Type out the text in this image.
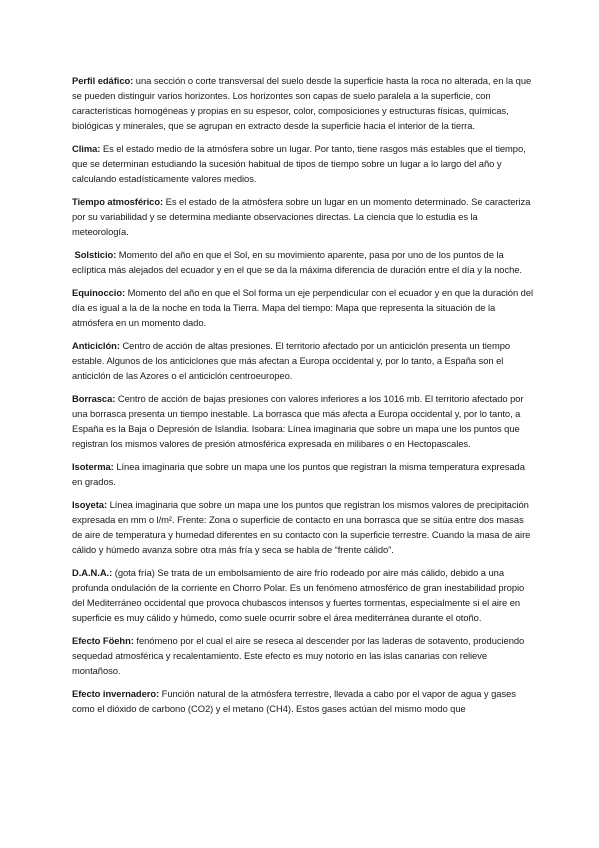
Perfil edáfico: una sección o corte transversal del suelo desde la superficie hasta la roca no alterada, en la que se pueden distinguir varios horizontes. Los horizontes son capas de suelo paralela a la superficie, con características homogéneas y propias en su espesor, color, composiciones y estructuras físicas, químicas, biológicas y minerales, que se agrupan en extracto desde la superficie hacia el interior de la tierra.

Clima: Es el estado medio de la atmósfera sobre un lugar. Por tanto, tiene rasgos más estables que el tiempo, que se determinan estudiando la sucesión habitual de tipos de tiempo sobre un lugar a lo largo del año y calculando estadísticamente valores medios.

Tiempo atmosférico: Es el estado de la atmósfera sobre un lugar en un momento determinado. Se caracteriza por su variabilidad y se determina mediante observaciones directas. La ciencia que lo estudia es la meteorología.

Solsticio: Momento del año en que el Sol, en su movimiento aparente, pasa por uno de los puntos de la eclíptica más alejados del ecuador y en el que se da la máxima diferencia de duración entre el día y la noche.

Equinoccio: Momento del año en que el Sol forma un eje perpendicular con el ecuador y en que la duración del día es igual a la de la noche en toda la Tierra. Mapa del tiempo: Mapa que representa la situación de la atmósfera en un momento dado.

Anticiclón: Centro de acción de altas presiones. El territorio afectado por un anticiclón presenta un tiempo estable. Algunos de los anticiclones que más afectan a Europa occidental y, por lo tanto, a España son el anticiclón de las Azores o el anticiclón centroeuropeo.

Borrasca: Centro de acción de bajas presiones con valores inferiores a los 1016 mb. El territorio afectado por una borrasca presenta un tiempo inestable. La borrasca que más afecta a Europa occidental y, por lo tanto, a España es la Baja o Depresión de Islandia. Isobara: Línea imaginaria que sobre un mapa une los puntos que registran los mismos valores de presión atmosférica expresada en milibares o en Hectopascales.

Isoterma: Línea imaginaria que sobre un mapa une los puntos que registran la misma temperatura expresada en grados.

Isoyeta: Línea imaginaria que sobre un mapa une los puntos que registran los mismos valores de precipitación expresada en mm o l/m². Frente: Zona o superficie de contacto en una borrasca que se sitúa entre dos masas de aire de temperatura y humedad diferentes en su contacto con la superficie terrestre. Cuando la masa de aire cálido y húmedo avanza sobre otra más fría y seca se habla de “frente cálido”.

D.A.N.A.: (gota fría) Se trata de un embolsamiento de aire frío rodeado por aire más cálido, debido a una profunda ondulación de la corriente en Chorro Polar. Es un fenómeno atmosférico de gran inestabilidad propio del Mediterráneo occidental que provoca chubascos intensos y fuertes tormentas, especialmente si el aire en superficie es muy cálido y húmedo, como suele ocurrir sobre el área mediterránea durante el otoño.

Efecto Föehn: fenómeno por el cual el aire se reseca al descender por las laderas de sotavento, produciendo sequedad atmosférica y recalentamiento. Este efecto es muy notorio en las islas canarias con relieve montañoso.

Efecto invernadero: Función natural de la atmósfera terrestre, llevada a cabo por el vapor de agua y gases como el dióxido de carbono (CO2) y el metano (CH4). Estos gases actúan del mismo modo que
